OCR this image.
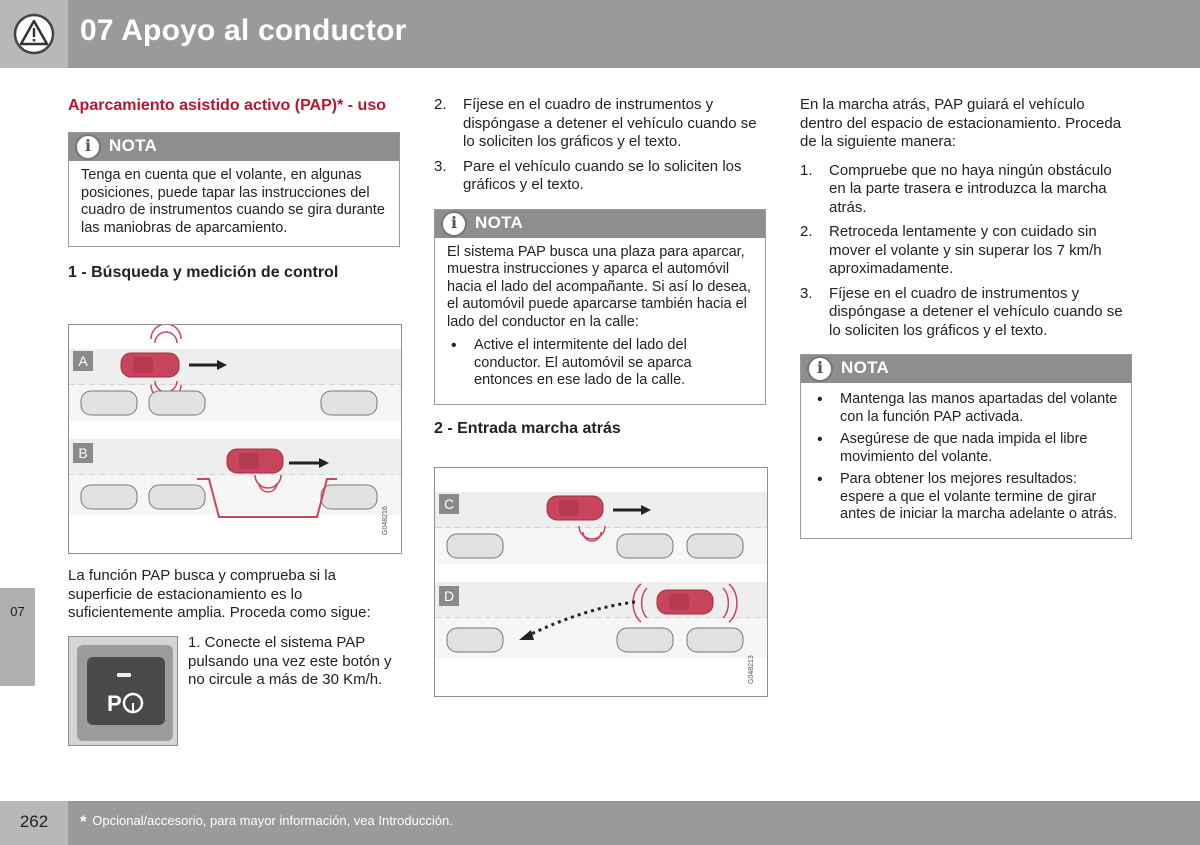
07 Apoyo al conductor
07
Aparcamiento asistido activo (PAP)* - uso
i
NOTA
Tenga en cuenta que el volante, en algunas posiciones, puede tapar las instrucciones del cuadro de instrumentos cuando se gira durante las maniobras de aparcamiento.
1 - Búsqueda y medición de control
A
B
G048216

La función PAP busca y comprueba si la superficie de estacionamiento es lo suficientemente amplia. Proceda como sigue:

P

1. Conecte el sistema PAP pulsando una vez este botón y no circule a más de 30 Km/h.

2. Fíjese en el cuadro de instrumentos y dispóngase a detener el vehículo cuando se lo soliciten los gráficos y el texto.
3. Pare el vehículo cuando se lo soliciten los gráficos y el texto.
i
NOTA

El sistema PAP busca una plaza para aparcar, muestra instrucciones y aparca el automóvil hacia el lado del acompañante. Si así lo desea, el automóvil puede aparcarse también hacia el lado del conductor en la calle:

• Active el intermitente del lado del conductor. El automóvil se aparca entonces en ese lado de la calle.
2 - Entrada marcha atrás
C
D
G048213

En la marcha atrás, PAP guiará el vehículo dentro del espacio de estacionamiento. Proceda de la siguiente manera:

1. Compruebe que no haya ningún obstáculo en la parte trasera e introduzca la marcha atrás.
2. Retroceda lentamente y con cuidado sin mover el volante y sin superar los 7 km/h aproximadamente.
3. Fíjese en el cuadro de instrumentos y dispóngase a detener el vehículo cuando se lo soliciten los gráficos y el texto.
i
NOTA
• Mantenga las manos apartadas del volante con la función PAP activada.
• Asegúrese de que nada impida el libre movimiento del volante.
• Para obtener los mejores resultados: espere a que el volante termine de girar antes de iniciar la marcha adelante o atrás.
262	* Opcional/accesorio, para mayor información, vea Introducción.
